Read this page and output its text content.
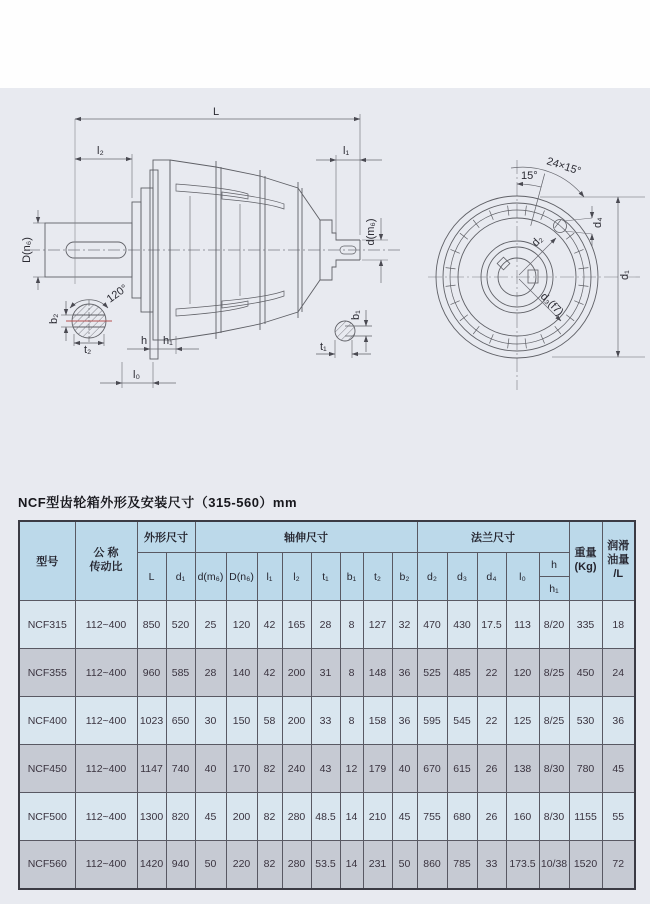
L
l₂	l₁
D(n₆)
d(m₆)
h h₁
l₀
120°
b₂
t₂
b₁
t₁
24×15°
15°
d₄
d₂
d₃(f7)
d₁
NCF型齿轮箱外形及安装尺寸（315-560）mm
型号	
公 称
传动比
	外形尺寸	轴伸尺寸	法兰尺寸	
重量
(Kg)

润滑
油量
/L

		L	d₁	d(m₆)	D(n₆)	l₁	l₂	t₁	b₁	t₂	b₂	d₂	d₃	d₄	l₀	h		
																h₁		
NCF315	112~400	850	520	25	120	42	165	28	8	127	32	470	430	17.5	113	8/20	335	18
NCF355	112~400	960	585	28	140	42	200	31	8	148	36	525	485	22	120	8/25	450	24
NCF400	112~400	1023	650	30	150	58	200	33	8	158	36	595	545	22	125	8/25	530	36
NCF450	112~400	1147	740	40	170	82	240	43	12	179	40	670	615	26	138	8/30	780	45
NCF500	112~400	1300	820	45	200	82	280	48.5	14	210	45	755	680	26	160	8/30	1155	55
NCF560	112~400	1420	940	50	220	82	280	53.5	14	231	50	860	785	33	173.5	10/38	1520	72
